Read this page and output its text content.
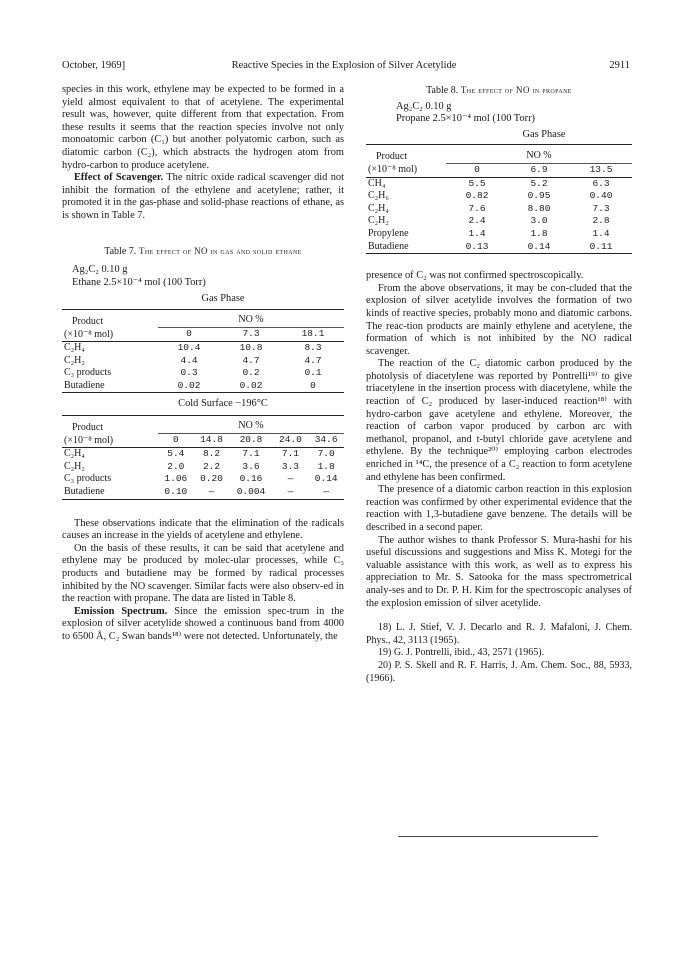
October, 1969]	Reactive Species in the Explosion of Silver Acetylide	2911

species in this work, ethylene may be expected to be formed in a yield almost equivalent to that of acetylene. The experimental result was, however, quite different from that expectation. From these results it seems that the reaction species involve not only monoatomic carbon (C₁) but another polyatomic carbon, such as diatomic carbon (C₂), which abstracts the hydrogen atom from hydro-carbon to produce acetylene.

Effect of Scavenger. The nitric oxide radical scavenger did not inhibit the formation of the ethylene and acetylene; rather, it promoted it in the gas-phase and solid-phase reactions of ethane, as is shown in Table 7.

Table 7. The effect of NO in gas and solid ethane
Ag₂C₂ 0.10 g
Ethane 2.5×10⁻⁴ mol (100 Torr)
Gas Phase
Product
(×10⁻⁸ mol)	NO %		
	0	7.3	18.1
C₂H₄	10.4	10.8	8.3
C₂H₂	4.4	4.7	4.7
C₃ products	0.3	0.2	0.1
Butadiene	0.02	0.02	0
Cold Surface −196°C
Product
(×10⁻⁸ mol)	NO %				
	0	14.8	20.8	24.0	34.6
C₂H₄	5.4	8.2	7.1	7.1	7.0
C₂H₂	2.0	2.2	3.6	3.3	1.8
C₃ products	1.06	0.20	0.16	—	0.14
Butadiene	0.10	—	0.004	—	—

These observations indicate that the elimination of the radicals causes an increase in the yields of acetylene and ethylene.

On the basis of these results, it can be said that acetylene and ethylene may be produced by molec-ular processes, while C₃ products and butadiene may be formed by radical processes inhibited by the NO scavenger. Similar facts were also observ-ed in the reaction with propane. The data are listed in Table 8.

Emission Spectrum. Since the emission spec-trum in the explosion of silver acetylide showed a continuous band from 4000 to 6500 Å, C₂ Swan bands¹⁸⁾ were not detected. Unfortunately, the

Table 8. The effect of NO in propane
Ag₂C₂ 0.10 g
Propane 2.5×10⁻⁴ mol (100 Torr)
Gas Phase
Product
(×10⁻⁸ mol)	NO %		
	0	6.9	13.5
CH₄	5.5	5.2	6.3
C₂H₆	0.82	0.95	0.40
C₂H₄	7.6	8.80	7.3
C₂H₂	2.4	3.0	2.8
Propylene	1.4	1.8	1.4
Butadiene	0.13	0.14	0.11

presence of C₂ was not confirmed spectroscopically.

From the above observations, it may be con-cluded that the explosion of silver acetylide involves the formation of two kinds of reactive species, probably mono and diatomic carbons. The reac-tion products are mainly ethylene and acetylene, the formation of which is not inhibited by the NO radical scavenger.

The reaction of the C₂ diatomic carbon produced by the photolysis of diacetylene was reported by Pontrelli¹⁹⁾ to give triacetylene in the insertion process with diacetylene, while the reaction of C₂ produced by laser-induced reaction¹⁸⁾ with hydro-carbon gave acetylene and ethylene. Moreover, the reaction of carbon vapor produced by carbon arc with methanol, propanol, and t-butyl chloride gave acetylene and ethylene. By the technique²⁰⁾ employing carbon electrodes enriched in ¹⁴C, the presence of a C₂ reaction to form acetylene and ethylene has been confirmed.

The presence of a diatomic carbon reaction in this explosion reaction was confirmed by other experimental evidence that the reaction with 1,3-butadiene gave benzene. The details will be described in a second paper.

The author wishes to thank Professor S. Mura-hashi for his useful discussions and suggestions and Miss K. Motegi for the valuable assistance with this work, as well as to express his appreciation to Mr. S. Satooka for the mass spectrometrical analy-ses and to Dr. P. H. Kim for the spectroscopic analyses of the explosion emission of silver acetylide.

18) L. J. Stief, V. J. Decarlo and R. J. Mafaloni, J. Chem. Phys., 42, 3113 (1965).

19) G. J. Pontrelli, ibid., 43, 2571 (1965).

20) P. S. Skell and R. F. Harris, J. Am. Chem. Soc., 88, 5933, (1966).
